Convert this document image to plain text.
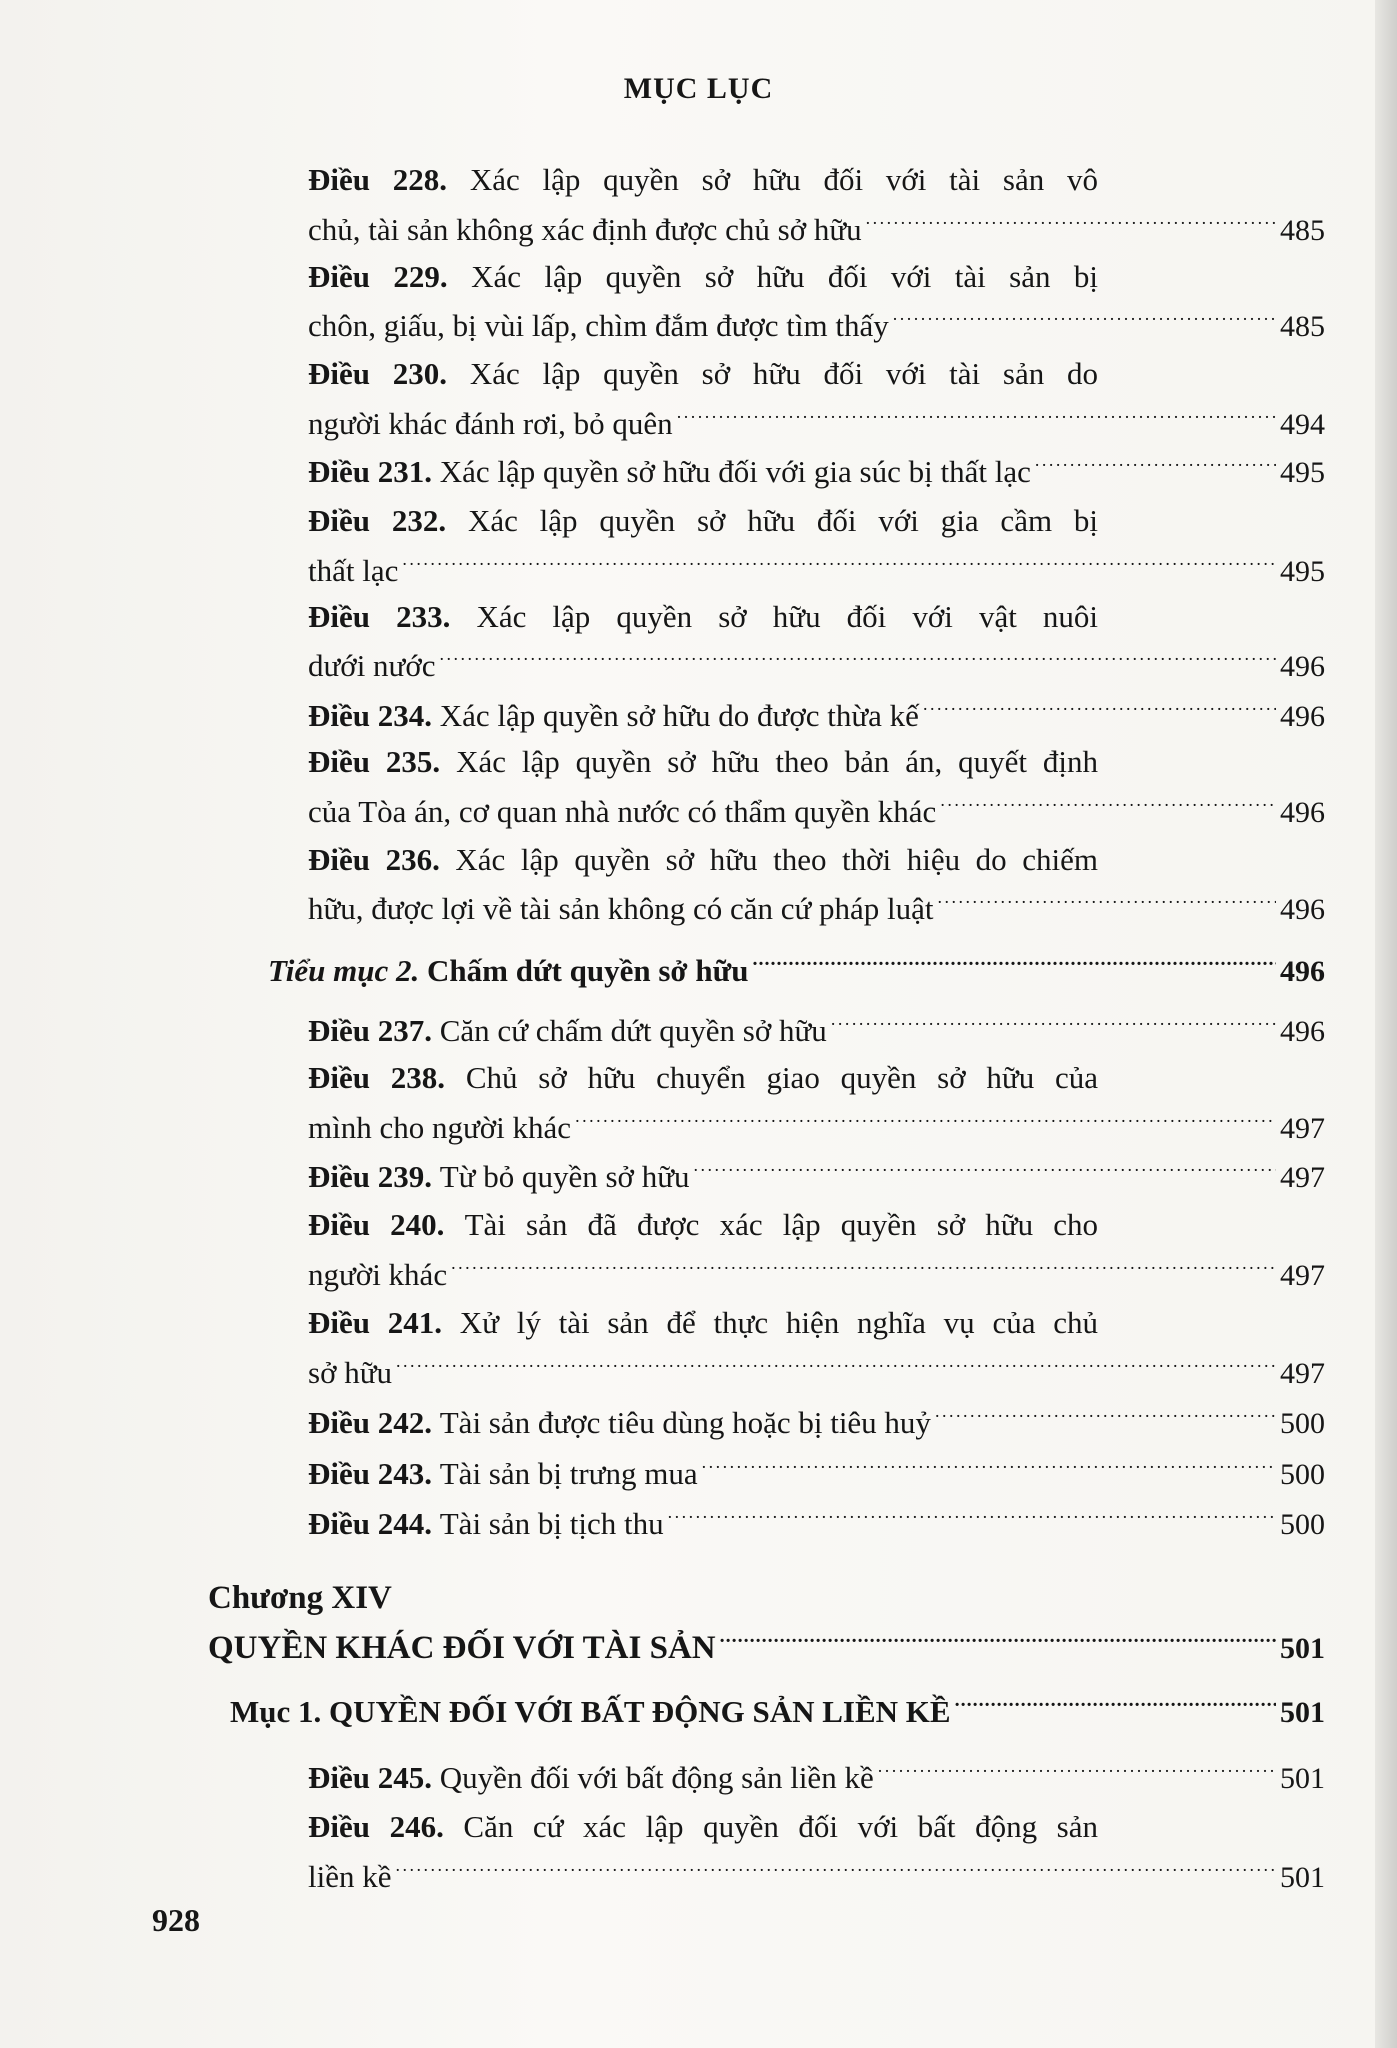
MỤC LỤC
Điều 228. Xác lập quyền sở hữu đối với tài sản vô
chủ, tài sản không xác định được chủ sở hữu . . .	485
Điều 229. Xác lập quyền sở hữu đối với tài sản bị
chôn, giấu, bị vùi lấp, chìm đắm được tìm thấy . . .	485
Điều 230. Xác lập quyền sở hữu đối với tài sản do
người khác đánh rơi, bỏ quên . . .	494
Điều 231.
Xác lập quyền sở hữu đối với gia súc bị thất lạc . . .	495
Điều 232. Xác lập quyền sở hữu đối với gia cầm bị
thất lạc . . .	495
Điều 233. Xác lập quyền sở hữu đối với vật nuôi
dưới nước . . .	496
Điều 234.
Xác lập quyền sở hữu do được thừa kế . . .	496
Điều 235. Xác lập quyền sở hữu theo bản án, quyết định
của Tòa án, cơ quan nhà nước có thẩm quyền khác . . .	496
Điều 236. Xác lập quyền sở hữu theo thời hiệu do chiếm
hữu, được lợi về tài sản không có căn cứ pháp luật . . .	496
Tiểu mục 2.
Chấm dứt quyền sở hữu . . .	496
Điều 237.
Căn cứ chấm dứt quyền sở hữu . . .	496
Điều 238. Chủ sở hữu chuyển giao quyền sở hữu của
mình cho người khác . . .	497
Điều 239.
Từ bỏ quyền sở hữu . . .	497
Điều 240. Tài sản đã được xác lập quyền sở hữu cho
người khác . . .	497
Điều 241. Xử lý tài sản để thực hiện nghĩa vụ của chủ
sở hữu . . .	497
Điều 242.
Tài sản được tiêu dùng hoặc bị tiêu huỷ . . .	500
Điều 243.
Tài sản bị trưng mua . . .	500
Điều 244.
Tài sản bị tịch thu . . .	500
Chương XIV
QUYỀN KHÁC ĐỐI VỚI TÀI SẢN . . .	501
Mục 1.
QUYỀN ĐỐI VỚI BẤT ĐỘNG SẢN LIỀN KỀ . . .	501
Điều 245.
Quyền đối với bất động sản liền kề . . .	501
Điều 246. Căn cứ xác lập quyền đối với bất động sản
liền kề . . .	501
928
